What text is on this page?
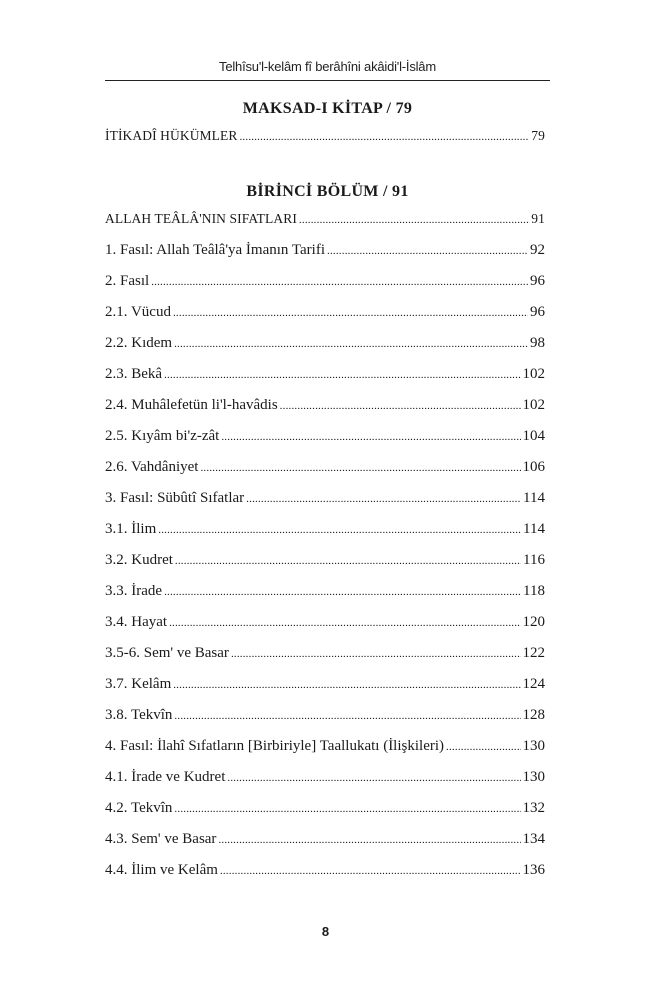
Telhîsu'l-kelâm fî berâhîni akâidi'l-İslâm
MAKSAD-I KİTAP / 79
İTİKADÎ HÜKÜMLER .....	79
BİRİNCİ BÖLÜM / 91
ALLAH TEÂLÂ'NIN SIFATLARI .....	91
1. Fasıl: Allah Teâlâ'ya İmanın Tarifi .....	92
2. Fasıl .....	96
2.1. Vücud .....	96
2.2. Kıdem .....	98
2.3. Bekâ .....	102
2.4. Muhâlefetün li'l-havâdis .....	102
2.5. Kıyâm bi'z-zât .....	104
2.6. Vahdâniyet .....	106
3. Fasıl: Sübûtî Sıfatlar .....	114
3.1. İlim .....	114
3.2. Kudret .....	116
3.3. İrade .....	118
3.4. Hayat .....	120
3.5-6. Sem' ve Basar .....	122
3.7. Kelâm .....	124
3.8. Tekvîn .....	128
4. Fasıl: İlahî Sıfatların [Birbiriyle] Taallukatı (İlişkileri) .....	130
4.1. İrade ve Kudret .....	130
4.2. Tekvîn .....	132
4.3. Sem' ve Basar .....	134
4.4. İlim ve Kelâm .....	136
8
